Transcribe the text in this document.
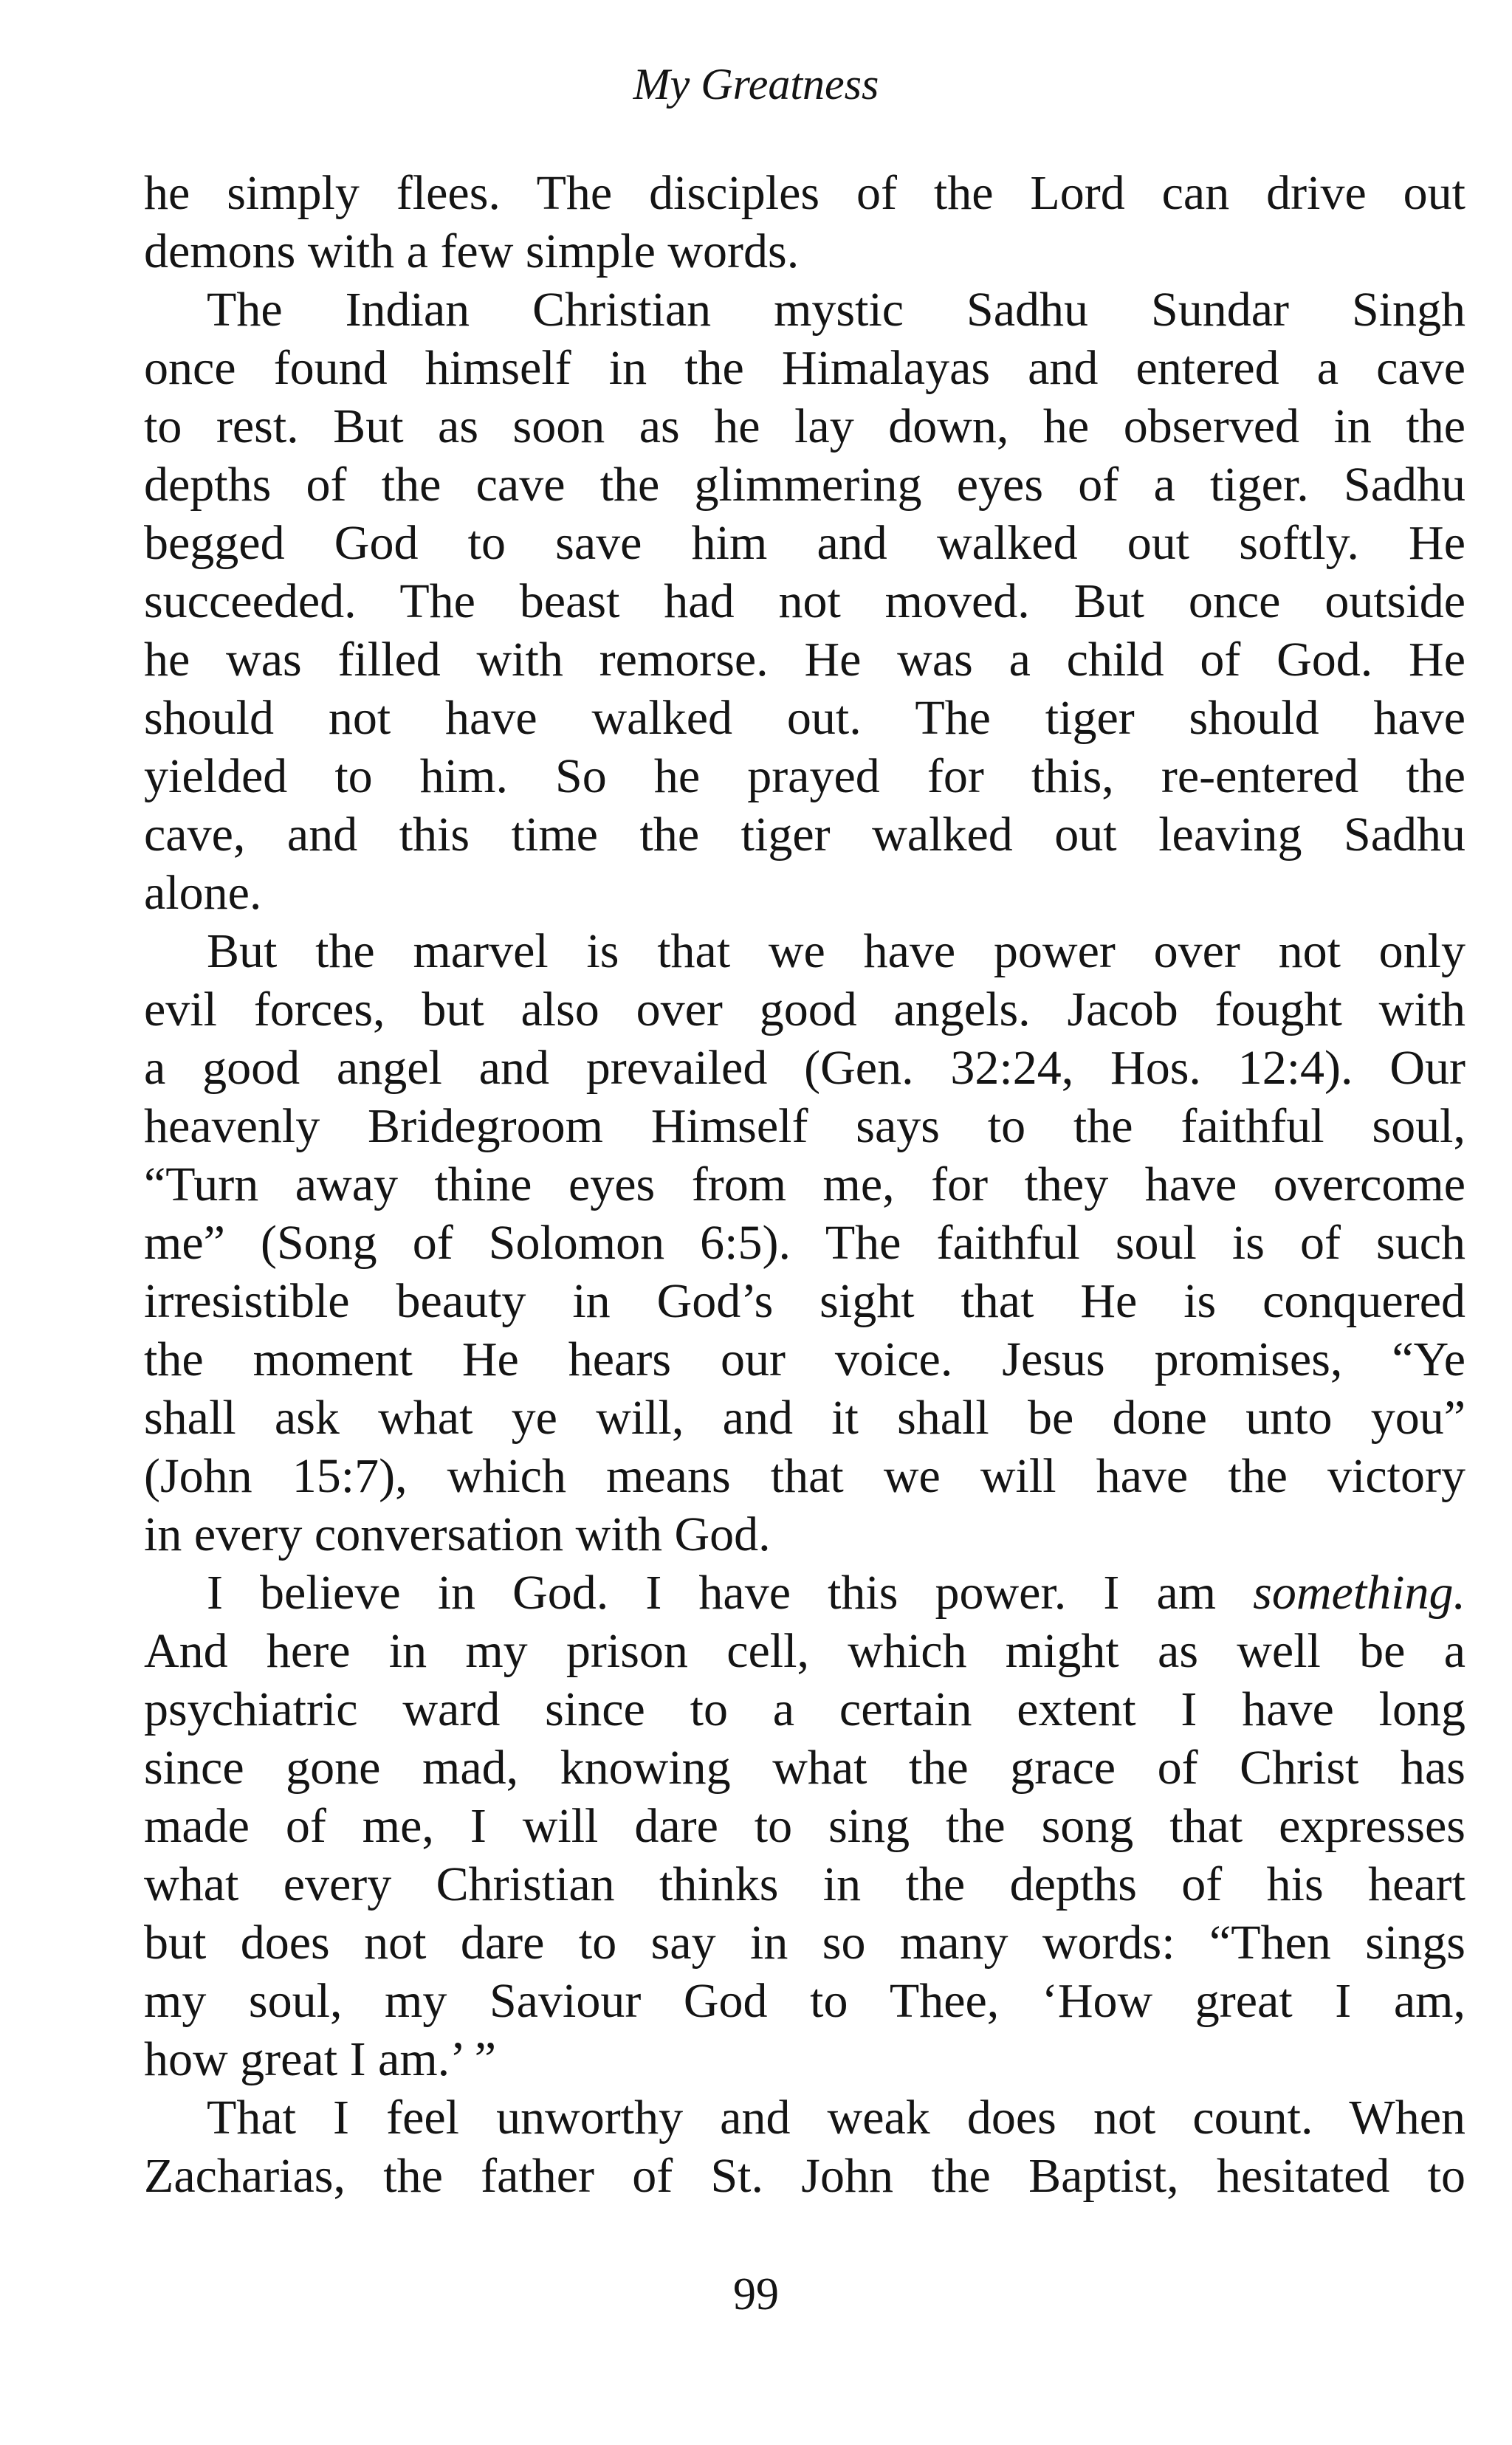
My Greatness
he simply flees. The disciples of the Lord can drive out
demons with a few simple words.
The Indian Christian mystic Sadhu Sundar Singh
once found himself in the Himalayas and entered a cave
to rest. But as soon as he lay down, he observed in the
depths of the cave the glimmering eyes of a tiger. Sadhu
begged God to save him and walked out softly. He
succeeded. The beast had not moved. But once outside
he was filled with remorse. He was a child of God. He
should not have walked out. The tiger should have
yielded to him. So he prayed for this, re-entered the
cave, and this time the tiger walked out leaving Sadhu
alone.
But the marvel is that we have power over not only
evil forces, but also over good angels. Jacob fought with
a good angel and prevailed (Gen. 32:24, Hos. 12:4). Our
heavenly Bridegroom Himself says to the faithful soul,
“Turn away thine eyes from me, for they have overcome
me” (Song of Solomon 6:5). The faithful soul is of such
irresistible beauty in God’s sight that He is conquered
the moment He hears our voice. Jesus promises, “Ye
shall ask what ye will, and it shall be done unto you”
(John 15:7), which means that we will have the victory
in every conversation with God.
I believe in God. I have this power. I am something.
And here in my prison cell, which might as well be a
psychiatric ward since to a certain extent I have long
since gone mad, knowing what the grace of Christ has
made of me, I will dare to sing the song that expresses
what every Christian thinks in the depths of his heart
but does not dare to say in so many words: “Then sings
my soul, my Saviour God to Thee, ‘How great I am,
how great I am.’ ”
That I feel unworthy and weak does not count. When
Zacharias, the father of St. John the Baptist, hesitated to
99
